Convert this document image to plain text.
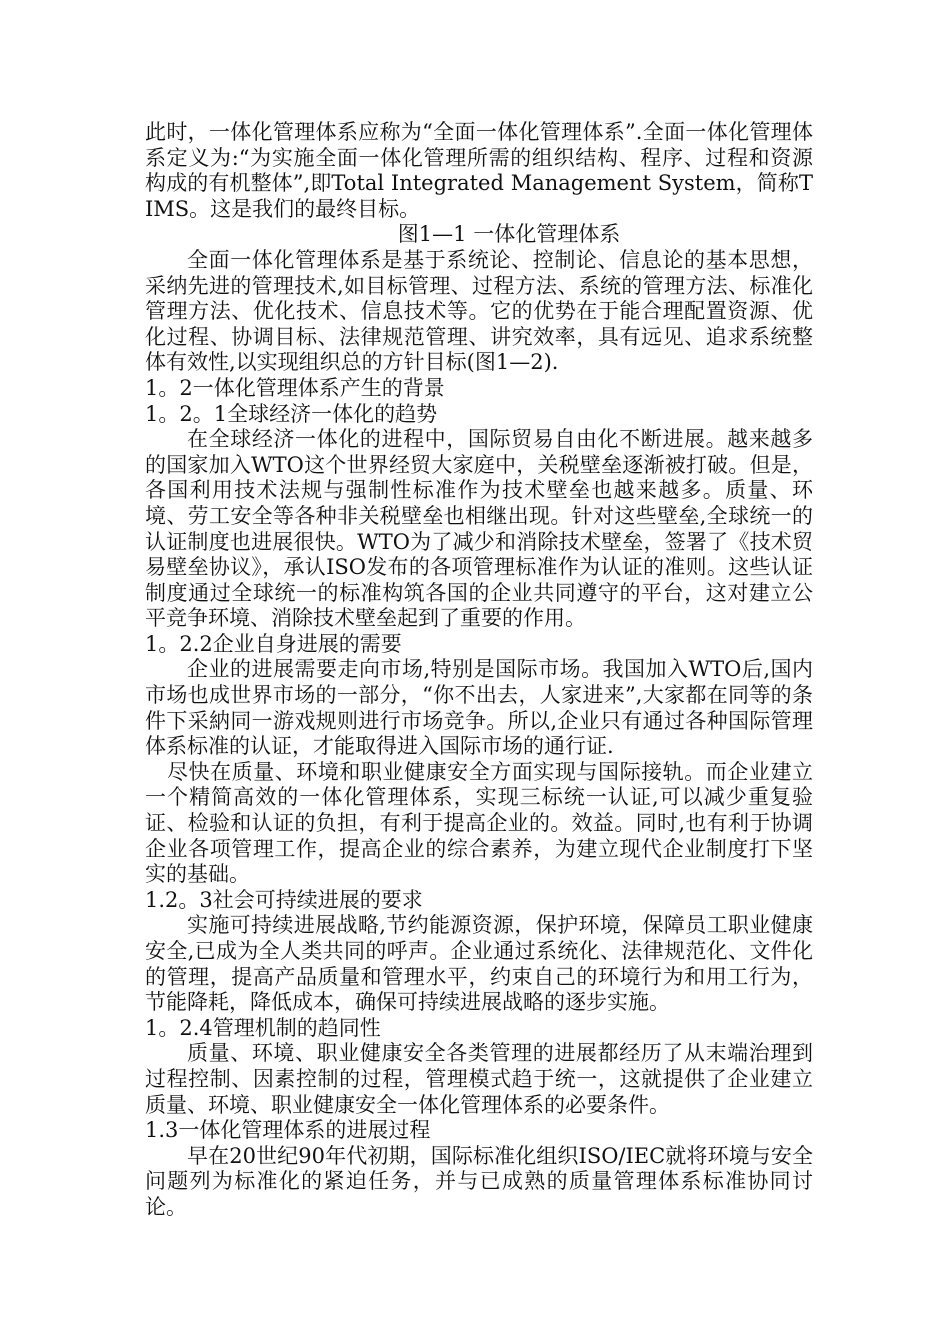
此时，一体化管理体系应称为“全面一体化管理体系”.全面一体化管理体系定义为:“为实施全面一体化管理所需的组织结构、程序、过程和资源构成的有机整体”,即Total Integrated Management System，简称TIMS。这是我们的最终目标。

图1—1 一体化管理体系

全面一体化管理体系是基于系统论、控制论、信息论的基本思想，采纳先进的管理技术,如目标管理、过程方法、系统的管理方法、标准化管理方法、优化技术、信息技术等。它的优势在于能合理配置资源、优化过程、协调目标、法律规范管理、讲究效率，具有远见、追求系统整体有效性,以实现组织总的方针目标(图1—2).

1。2一体化管理体系产生的背景

1。2。1全球经济一体化的趋势

在全球经济一体化的进程中，国际贸易自由化不断进展。越来越多的国家加入WTO这个世界经贸大家庭中，关税壁垒逐渐被打破。但是，各国利用技术法规与强制性标准作为技术壁垒也越来越多。质量、环境、劳工安全等各种非关税壁垒也相继出现。针对这些壁垒,全球统一的认证制度也进展很快。WTO为了减少和消除技术壁垒，签署了《技术贸易壁垒协议》，承认ISO发布的各项管理标准作为认证的准则。这些认证制度通过全球统一的标准构筑各国的企业共同遵守的平台，这对建立公平竞争环境、消除技术壁垒起到了重要的作用。

1。2.2企业自身进展的需要

企业的进展需要走向市场,特别是国际市场。我国加入WTO后,国内市场也成世界市场的一部分，“你不出去，人家进来”,大家都在同等的条件下采納同一游戏规则进行市场竞争。所以,企业只有通过各种国际管理体系标准的认证，才能取得进入国际市场的通行证.

尽快在质量、环境和职业健康安全方面实现与国际接轨。而企业建立一个精简高效的一体化管理体系，实现三标统一认证,可以减少重复验证、检验和认证的负担，有利于提高企业的。效益。同时,也有利于协调企业各项管理工作，提高企业的综合素养，为建立现代企业制度打下坚实的基础。

1.2。3社会可持续进展的要求

实施可持续进展战略,节约能源资源，保护环境，保障员工职业健康安全,已成为全人类共同的呼声。企业通过系统化、法律规范化、文件化的管理，提高产品质量和管理水平，约束自己的环境行为和用工行为，节能降耗，降低成本，确保可持续进展战略的逐步实施。

1。2.4管理机制的趋同性

质量、环境、职业健康安全各类管理的进展都经历了从末端治理到过程控制、因素控制的过程，管理模式趋于统一，这就提供了企业建立质量、环境、职业健康安全一体化管理体系的必要条件。

1.3一体化管理体系的进展过程

早在20世纪90年代初期，国际标准化组织ISO/IEC就将环境与安全问题列为标准化的紧迫任务，并与已成熟的质量管理体系标准协同讨论。
